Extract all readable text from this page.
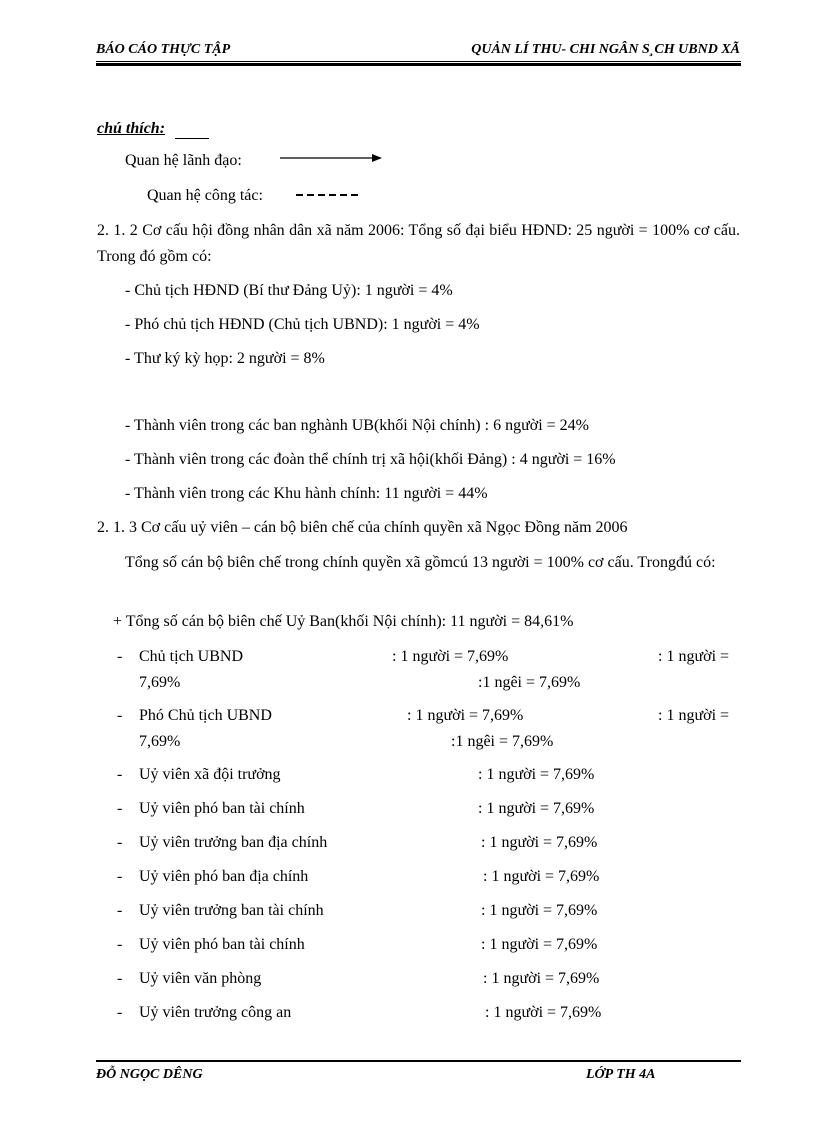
BÁO CÁO THỰC TẬP	QUẢN LÍ THU- CHI NGÂN S¸CH UBND XÃ
chú thích:
Quan hệ lãnh đạo:
Quan hệ công tác:
2. 1. 2 Cơ cấu hội đồng nhân dân xã năm 2006: Tổng số đại biểu HĐND: 25 người = 100% cơ cấu. Trong đó gồm có:
- Chủ tịch HĐND (Bí thư Đảng Uỷ): 1 người = 4%
- Phó chủ tịch HĐND (Chủ tịch UBND): 1 người = 4%
- Thư ký kỳ họp: 2 người = 8%
- Thành viên trong các ban nghành UB(khối Nội chính) : 6 người = 24%
- Thành viên trong các đoàn thể chính trị xã hội(khối Đảng) : 4 người = 16%
- Thành viên trong các Khu hành chính: 11 người = 44%
2. 1. 3 Cơ cấu uỷ viên – cán bộ biên chế của chính quyền xã Ngọc Đồng năm 2006
Tổng số cán bộ biên chế trong chính quyền xã gồmcú 13 người = 100% cơ cấu. Trongđú có:
+ Tổng số cán bộ biên chế Uỷ Ban(khối Nội chính): 11 người = 84,61%
- Chủ tịch UBND	: 1 người = 7,69%	: 1 người =
7,69%	:1 ngêi = 7,69%
- Phó Chủ tịch UBND	: 1 người = 7,69%	: 1 người =
7,69%	:1 ngêi = 7,69%
- Uỷ viên xã đội trưởng	: 1 người = 7,69%
- Uỷ viên phó ban tài chính	: 1 người = 7,69%
- Uỷ viên trưởng ban địa chính	: 1 người = 7,69%
- Uỷ viên phó ban địa chính	: 1 người = 7,69%
- Uỷ viên trưởng ban tài chính	: 1 người = 7,69%
- Uỷ viên phó ban tài chính	: 1 người = 7,69%
- Uỷ viên văn phòng	: 1 người = 7,69%
- Uỷ viên trưởng công an	: 1 người = 7,69%
ĐỖ NGỌC DÊNG	LỚP TH 4A
